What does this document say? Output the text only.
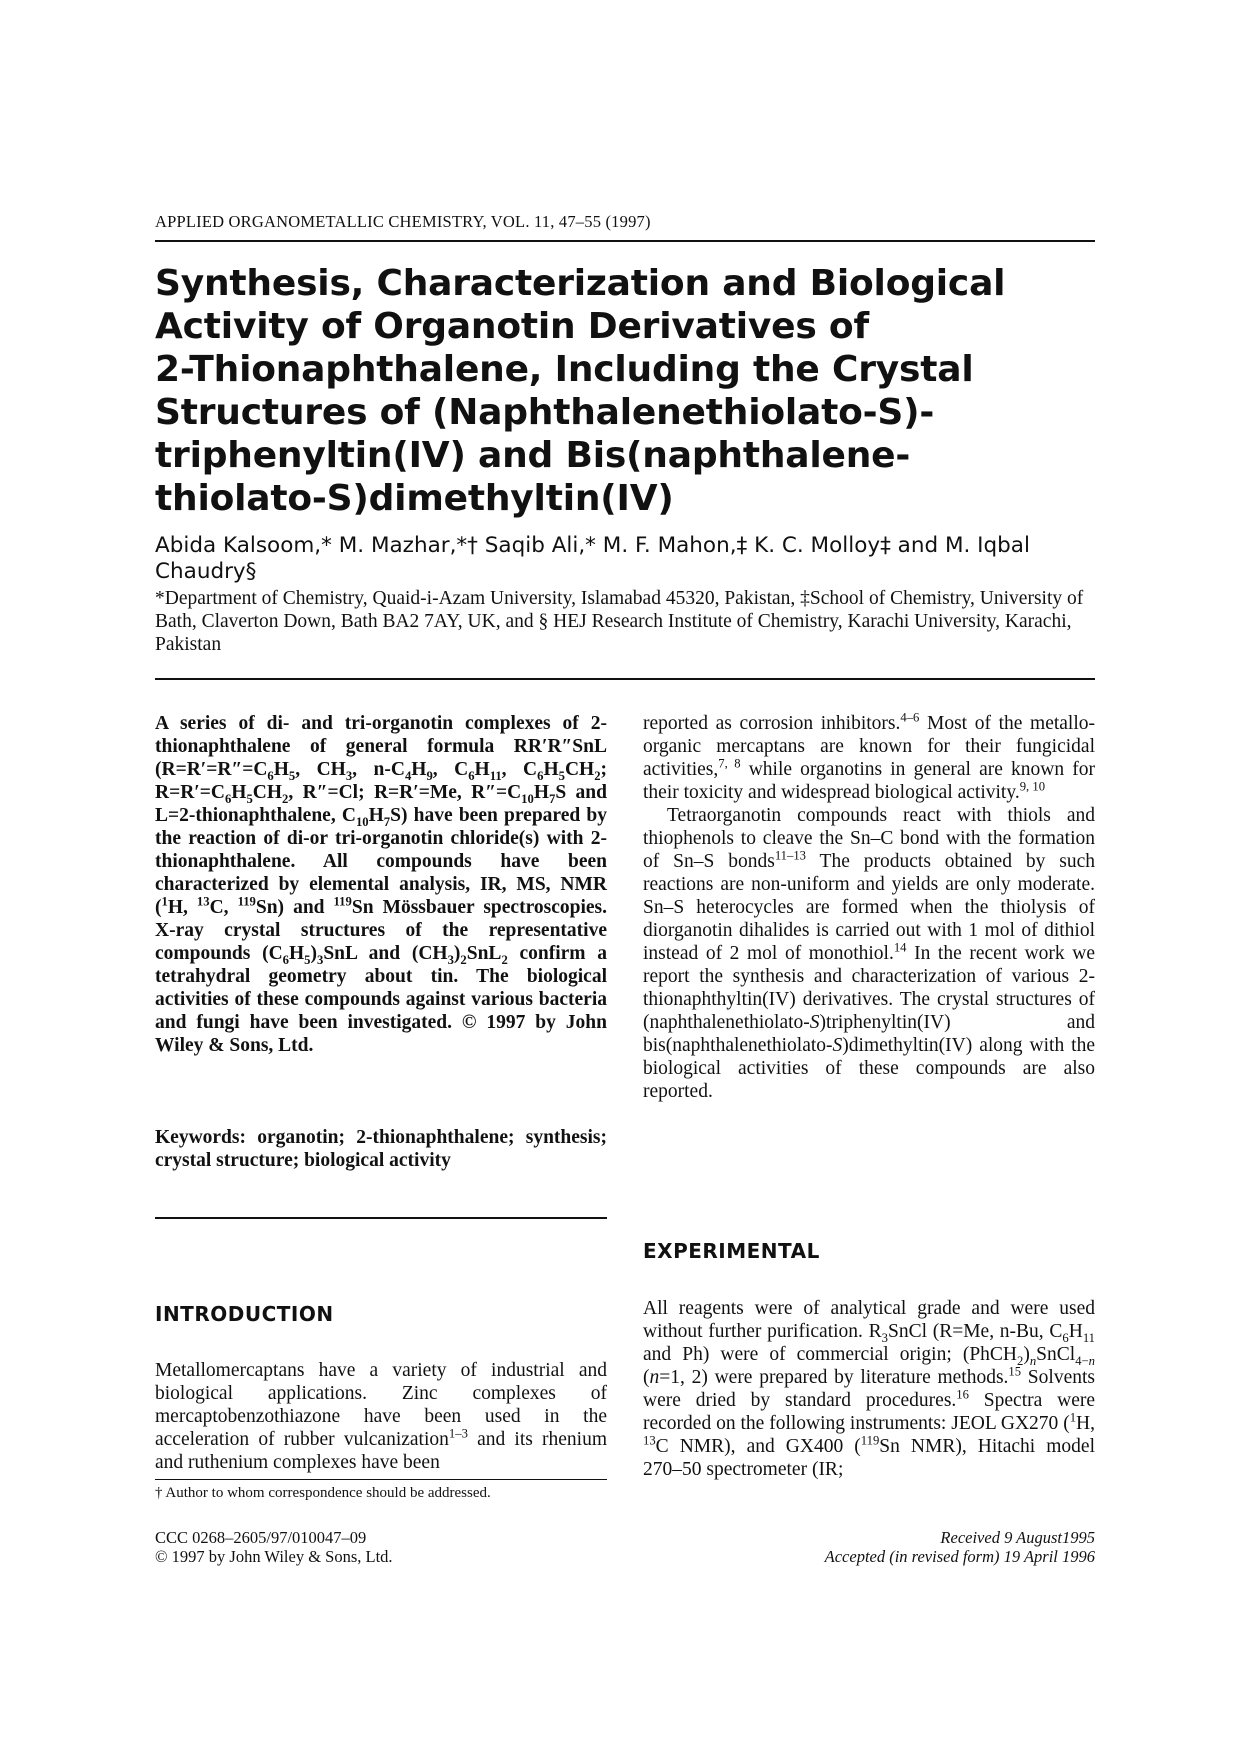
APPLIED ORGANOMETALLIC CHEMISTRY, VOL. 11, 47–55 (1997)
Synthesis, Characterization and Biological
Activity of Organotin Derivatives of
2-Thionaphthalene, Including the Crystal
Structures of (Naphthalenethiolato-S)-
triphenyltin(IV) and Bis(naphthalene-
thiolato-S)dimethyltin(IV)
Abida Kalsoom,* M. Mazhar,*† Saqib Ali,* M. F. Mahon,‡ K. C. Molloy‡ and M. Iqbal Chaudry§
*Department of Chemistry, Quaid-i-Azam University, Islamabad 45320, Pakistan, ‡School of Chemistry, University of Bath, Claverton Down, Bath BA2 7AY, UK, and § HEJ Research Institute of Chemistry, Karachi University, Karachi, Pakistan

A series of di- and tri-organotin complexes of 2-thionaphthalene of general formula RR′R″SnL ($R=R'=R''=C_6H_5$, $CH_3$, $n-C_4H_9$, $C_6H_{11}$, $C_6H_5CH_2$; $R=R'=C_6H_5CH_2$, R″=Cl; R=R′=Me, $R''=C_{10}H_7S$ and L=2-thionaphthalene, $C_{10}H_7S$) have been prepared by the reaction of di-or tri-organotin chloride(s) with 2-thionaphthalene. All compounds have been characterized by elemental analysis, IR, MS, NMR ($^1$H, $^{13}$C, $^{119}$Sn) and $^{119}$Sn Mössbauer spectroscopies. X-ray crystal structures of the representative compounds $(C_6H_5)_3SnL$ and $(CH_3)_2SnL_2$ confirm a tetrahydral geometry about tin. The biological activities of these compounds against various bacteria and fungi have been investigated. © 1997 by John Wiley & Sons, Ltd.

Keywords: organotin; 2-thionaphthalene; synthesis; crystal structure; biological activity

INTRODUCTION

Metallomercaptans have a variety of industrial and biological applications. Zinc complexes of mercaptobenzothiazone have been used in the acceleration of rubber vulcanization$^{1-3}$ and its rhenium and ruthenium complexes have been

† Author to whom correspondence should be addressed.

reported as corrosion inhibitors.$^{4-6}$ Most of the metallo-organic mercaptans are known for their fungicidal activities,$^{7, 8}$ while organotins in general are known for their toxicity and widespread biological activity.$^{9, 10}$

Tetraorganotin compounds react with thiols and thiophenols to cleave the Sn–C bond with the formation of Sn–S bonds$^{11-13}$ The products obtained by such reactions are non-uniform and yields are only moderate. Sn–S heterocycles are formed when the thiolysis of diorganotin dihalides is carried out with 1 mol of dithiol instead of 2 mol of monothiol.$^{14}$ In the recent work we report the synthesis and characterization of various 2-thionaphthyltin(IV) derivatives. The crystal structures of (naphthalenethiolato-S)triphenyltin(IV) and bis(naphthalenethiolato-S)dimethyltin(IV) along with the biological activities of these compounds are also reported.

EXPERIMENTAL

All reagents were of analytical grade and were used without further purification. $R_3SnCl$ (R=Me, n-Bu, $C_6H_{11}$ and Ph) were of commercial origin; $(PhCH_2)_nSnCl_{4-n}$ (n=1, 2) were prepared by literature methods.$^{15}$ Solvents were dried by standard procedures.$^{16}$ Spectra were recorded on the following instruments: JEOL GX270 ($^1$H, $^{13}$C NMR), and GX400 ($^{119}$Sn NMR), Hitachi model 270–50 spectrometer (IR;

CCC 0268–2605/97/010047–09
© 1997 by John Wiley & Sons, Ltd.
Received 9 August1995
Accepted (in revised form) 19 April 1996
